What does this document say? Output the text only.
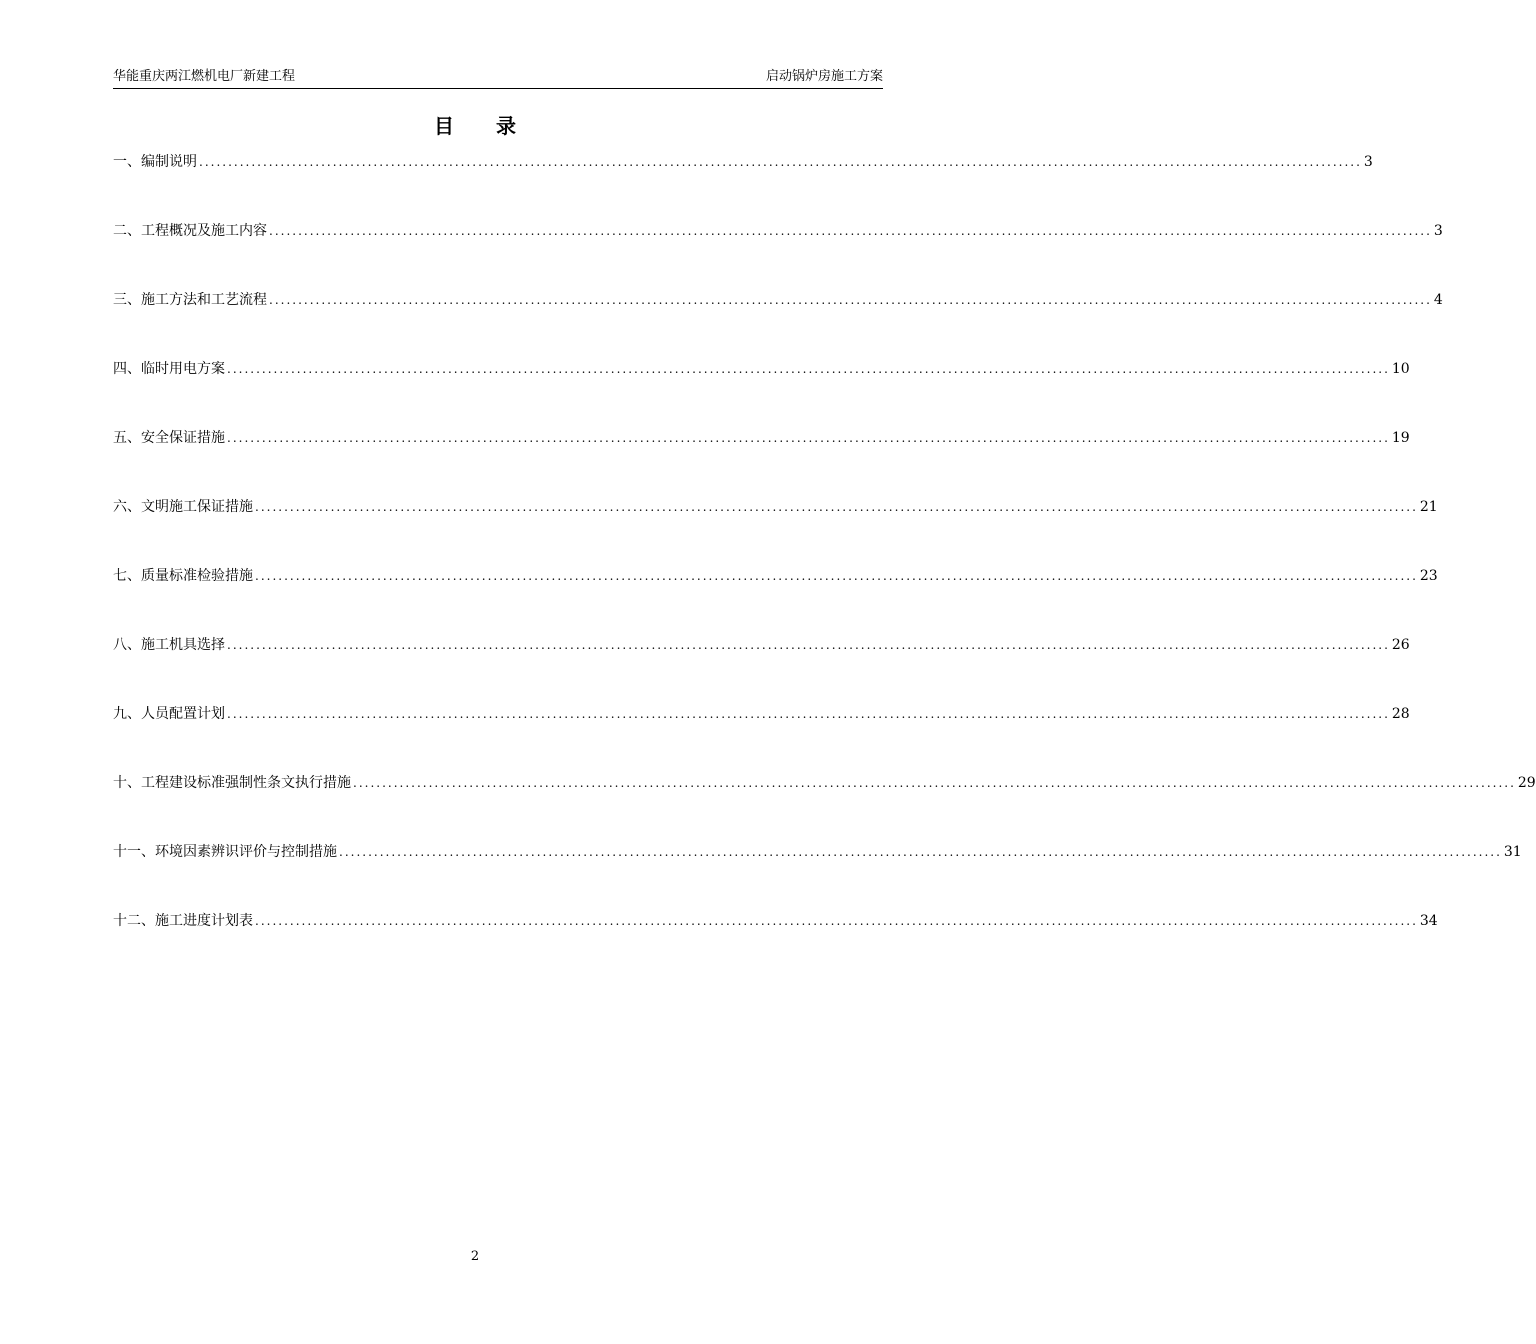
华能重庆两江燃机电厂新建工程	启动锅炉房施工方案
目录
一、编制说明 ........................................................................................................................................................................................................ 3
二、工程概况及施工内容 ........................................................................................................................................................................................................ 3
三、施工方法和工艺流程 ........................................................................................................................................................................................................ 4
四、临时用电方案 ........................................................................................................................................................................................................ 10
五、安全保证措施 ........................................................................................................................................................................................................ 19
六、文明施工保证措施 ........................................................................................................................................................................................................ 21
七、质量标准检验措施 ........................................................................................................................................................................................................ 23
八、施工机具选择 ........................................................................................................................................................................................................ 26
九、人员配置计划 ........................................................................................................................................................................................................ 28
十、工程建设标准强制性条文执行措施 ........................................................................................................................................................................................................ 29
十一、环境因素辨识评价与控制措施 ........................................................................................................................................................................................................ 31
十二、施工进度计划表 ........................................................................................................................................................................................................ 34
2
